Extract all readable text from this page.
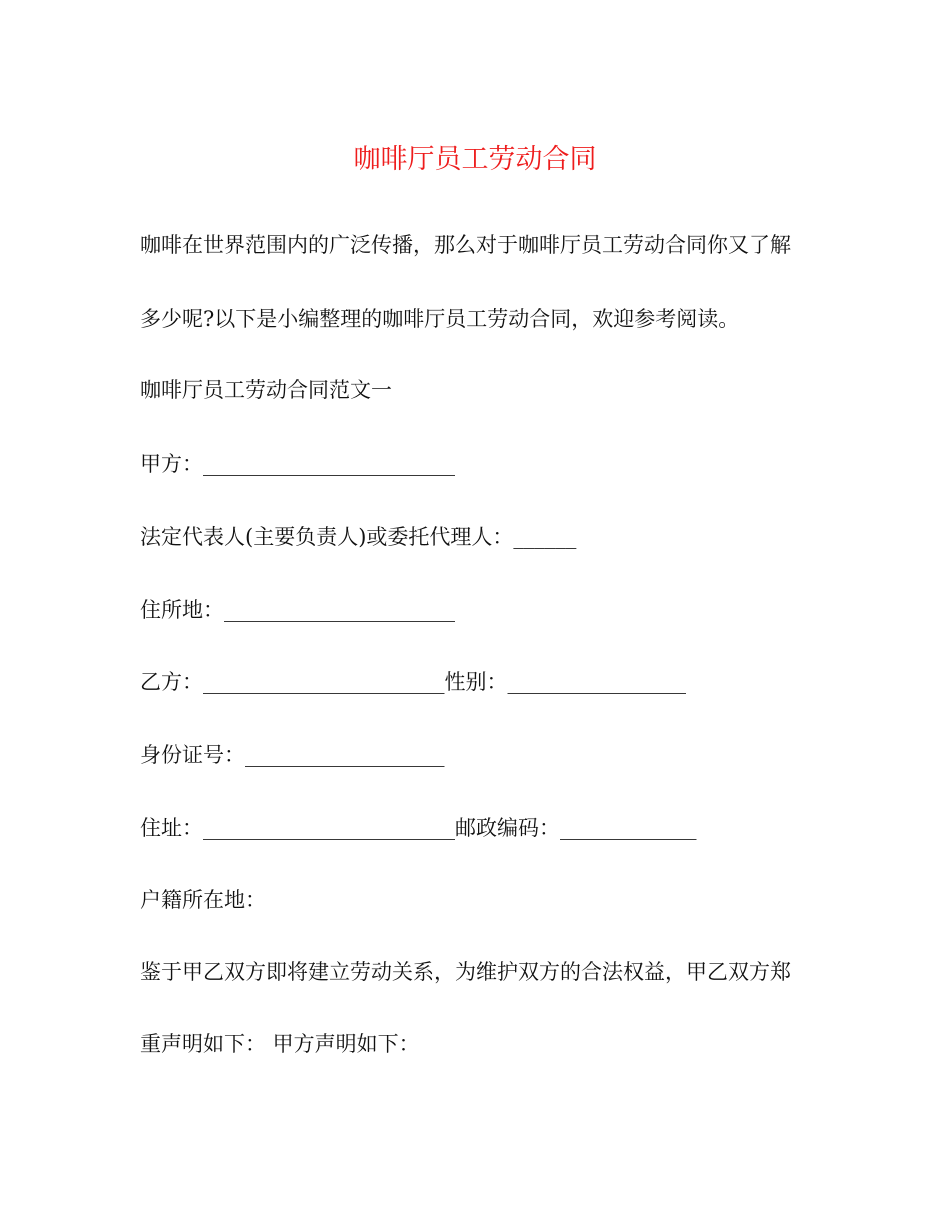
咖啡厅员工劳动合同
咖啡在世界范围内的广泛传播，那么对于咖啡厅员工劳动合同你又了解
多少呢?以下是小编整理的咖啡厅员工劳动合同，欢迎参考阅读。
咖啡厅员工劳动合同范文一
甲方：________________________
法定代表人(主要负责人)或委托代理人：______
住所地：______________________
乙方：_______________________性别：_________________
身份证号：___________________
住址：________________________邮政编码：_____________
户籍所在地：
鉴于甲乙双方即将建立劳动关系，为维护双方的合法权益，甲乙双方郑
重声明如下： 甲方声明如下：
